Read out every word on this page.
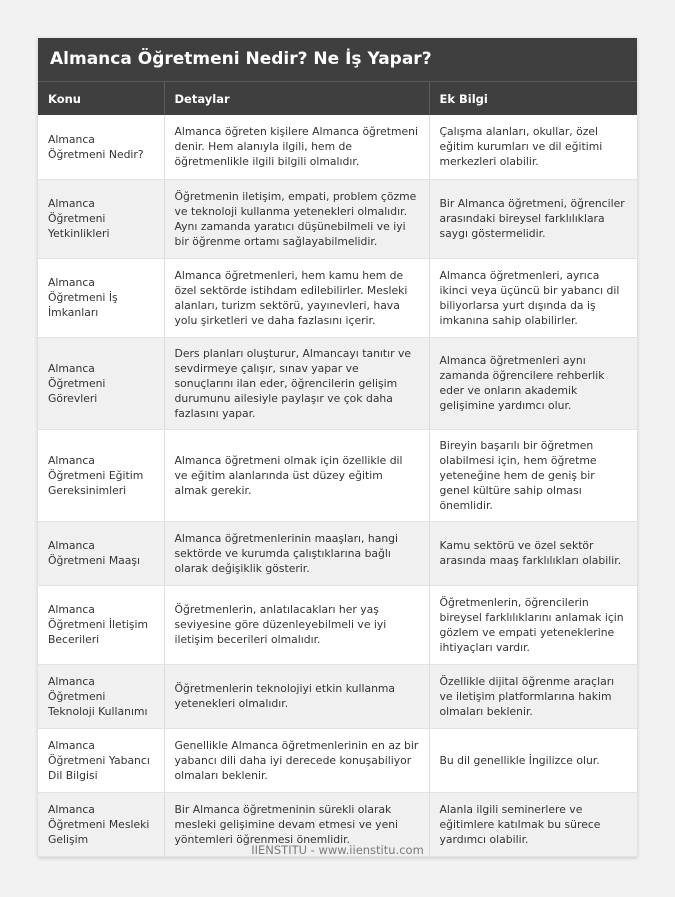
Almanca Öğretmeni Nedir? Ne İş Yapar?
Konu	Detaylar	Ek Bilgi
Almanca Öğretmeni Nedir?	Almanca öğreten kişilere Almanca öğretmeni denir. Hem alanıyla ilgili, hem de öğretmenlikle ilgili bilgili olmalıdır.	Çalışma alanları, okullar, özel eğitim kurumları ve dil eğitimi merkezleri olabilir.
Almanca Öğretmeni Yetkinlikleri	Öğretmenin iletişim, empati, problem çözme ve teknoloji kullanma yetenekleri olmalıdır. Aynı zamanda yaratıcı düşünebilmeli ve iyi bir öğrenme ortamı sağlayabilmelidir.	Bir Almanca öğretmeni, öğrenciler arasındaki bireysel farklılıklara saygı göstermelidir.
Almanca Öğretmeni İş İmkanları	Almanca öğretmenleri, hem kamu hem de özel sektörde istihdam edilebilirler. Mesleki alanları, turizm sektörü, yayınevleri, hava yolu şirketleri ve daha fazlasını içerir.	Almanca öğretmenleri, ayrıca ikinci veya üçüncü bir yabancı dil biliyorlarsa yurt dışında da iş imkanına sahip olabilirler.
Almanca Öğretmeni Görevleri	Ders planları oluşturur, Almancayı tanıtır ve sevdirmeye çalışır, sınav yapar ve sonuçlarını ilan eder, öğrencilerin gelişim durumunu ailesiyle paylaşır ve çok daha fazlasını yapar.	Almanca öğretmenleri aynı zamanda öğrencilere rehberlik eder ve onların akademik gelişimine yardımcı olur.
Almanca Öğretmeni Eğitim Gereksinimleri	Almanca öğretmeni olmak için özellikle dil ve eğitim alanlarında üst düzey eğitim almak gerekir.	Bireyin başarılı bir öğretmen olabilmesi için, hem öğretme yeteneğine hem de geniş bir genel kültüre sahip olması önemlidir.
Almanca Öğretmeni Maaşı	Almanca öğretmenlerinin maaşları, hangi sektörde ve kurumda çalıştıklarına bağlı olarak değişiklik gösterir.	Kamu sektörü ve özel sektör arasında maaş farklılıkları olabilir.
Almanca Öğretmeni İletişim Becerileri	Öğretmenlerin, anlatılacakları her yaş seviyesine göre düzenleyebilmeli ve iyi iletişim becerileri olmalıdır.	Öğretmenlerin, öğrencilerin bireysel farklılıklarını anlamak için gözlem ve empati yeteneklerine ihtiyaçları vardır.
Almanca Öğretmeni Teknoloji Kullanımı	Öğretmenlerin teknolojiyi etkin kullanma yetenekleri olmalıdır.	Özellikle dijital öğrenme araçları ve iletişim platformlarına hakim olmaları beklenir.
Almanca Öğretmeni Yabancı Dil Bilgisi	Genellikle Almanca öğretmenlerinin en az bir yabancı dili daha iyi derecede konuşabiliyor olmaları beklenir.	Bu dil genellikle İngilizce olur.
Almanca Öğretmeni Mesleki Gelişim	Bir Almanca öğretmeninin sürekli olarak mesleki gelişimine devam etmesi ve yeni yöntemleri öğrenmesi önemlidir.	Alanla ilgili seminerlere ve eğitimlere katılmak bu sürece yardımcı olabilir.
IIENSTITU - www.iienstitu.com
